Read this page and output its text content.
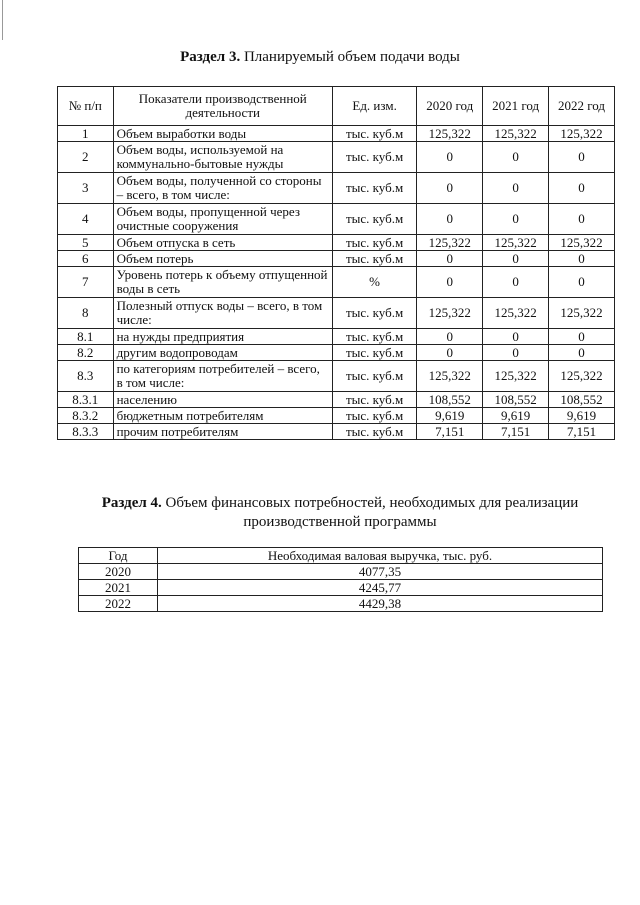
Раздел 3. Планируемый объем подачи воды
№ п/п	Показатели производственной деятельности	Ед. изм.	2020 год	2021 год	2022 год
1	Объем выработки воды	тыс. куб.м	125,322	125,322	125,322
2	Объем воды, используемой на коммунально-бытовые нужды	тыс. куб.м	0	0	0
3	Объем воды, полученной со стороны – всего, в том числе:	тыс. куб.м	0	0	0
4	Объем воды, пропущенной через очистные сооружения	тыс. куб.м	0	0	0
5	Объем отпуска в сеть	тыс. куб.м	125,322	125,322	125,322
6	Объем потерь	тыс. куб.м	0	0	0
7	Уровень потерь к объему отпущенной воды в сеть	%	0	0	0
8	Полезный отпуск воды – всего, в том числе:	тыс. куб.м	125,322	125,322	125,322
8.1	на нужды предприятия	тыс. куб.м	0	0	0
8.2	другим водопроводам	тыс. куб.м	0	0	0
8.3	по категориям потребителей – всего, в том числе:	тыс. куб.м	125,322	125,322	125,322
8.3.1	населению	тыс. куб.м	108,552	108,552	108,552
8.3.2	бюджетным потребителям	тыс. куб.м	9,619	9,619	9,619
8.3.3	прочим потребителям	тыс. куб.м	7,151	7,151	7,151
Раздел 4. Объем финансовых потребностей, необходимых для реализации
производственной программы
Год	Необходимая валовая выручка, тыс. руб.
2020	4077,35
2021	4245,77
2022	4429,38
